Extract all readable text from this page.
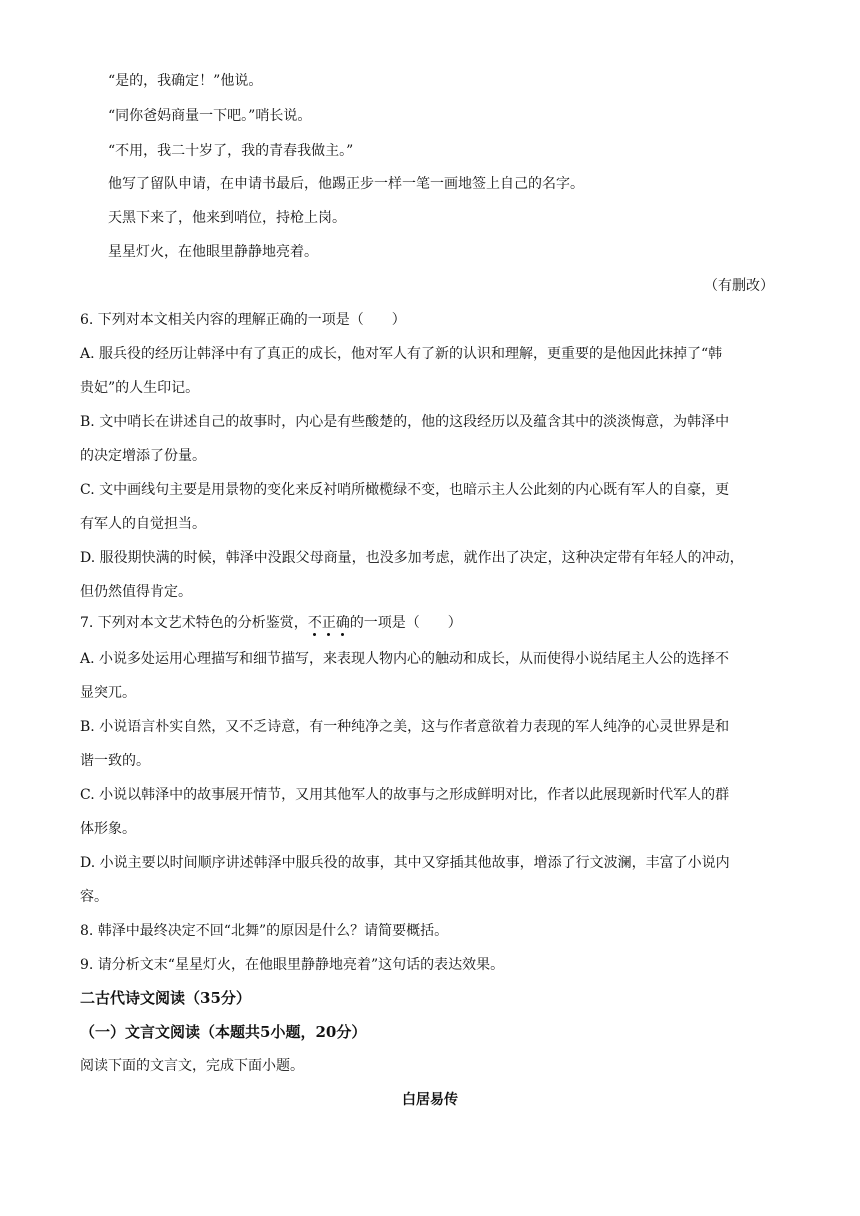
“是的，我确定！”他说。
“同你爸妈商量一下吧。”哨长说。
“不用，我二十岁了，我的青春我做主。”
他写了留队申请，在申请书最后，他踢正步一样一笔一画地签上自己的名字。
天黑下来了，他来到哨位，持枪上岗。
星星灯火，在他眼里静静地亮着。
（有删改）
6. 下列对本文相关内容的理解正确的一项是（　　）
A. 服兵役的经历让韩泽中有了真正的成长，他对军人有了新的认识和理解，更重要的是他因此抹掉了“韩
贵妃”的人生印记。
B. 文中哨长在讲述自己的故事时，内心是有些酸楚的，他的这段经历以及蕴含其中的淡淡悔意，为韩泽中
的决定增添了份量。
C. 文中画线句主要是用景物的变化来反衬哨所橄榄绿不变，也暗示主人公此刻的内心既有军人的自豪，更
有军人的自觉担当。
D. 服役期快满的时候，韩泽中没跟父母商量，也没多加考虑，就作出了决定，这种决定带有年轻人的冲动，
但仍然值得肯定。
7. 下列对本文艺术特色的分析鉴赏，不正确的一项是（　　）
A. 小说多处运用心理描写和细节描写，来表现人物内心的触动和成长，从而使得小说结尾主人公的选择不
显突兀。
B. 小说语言朴实自然，又不乏诗意，有一种纯净之美，这与作者意欲着力表现的军人纯净的心灵世界是和
谐一致的。
C. 小说以韩泽中的故事展开情节，又用其他军人的故事与之形成鲜明对比，作者以此展现新时代军人的群
体形象。
D. 小说主要以时间顺序讲述韩泽中服兵役的故事，其中又穿插其他故事，增添了行文波澜，丰富了小说内
容。
8. 韩泽中最终决定不回“北舞”的原因是什么？请简要概括。
9. 请分析文末“星星灯火，在他眼里静静地亮着”这句话的表达效果。
二古代诗文阅读（35分）
（一）文言文阅读（本题共5小题，20分）
阅读下面的文言文，完成下面小题。
白居易传
